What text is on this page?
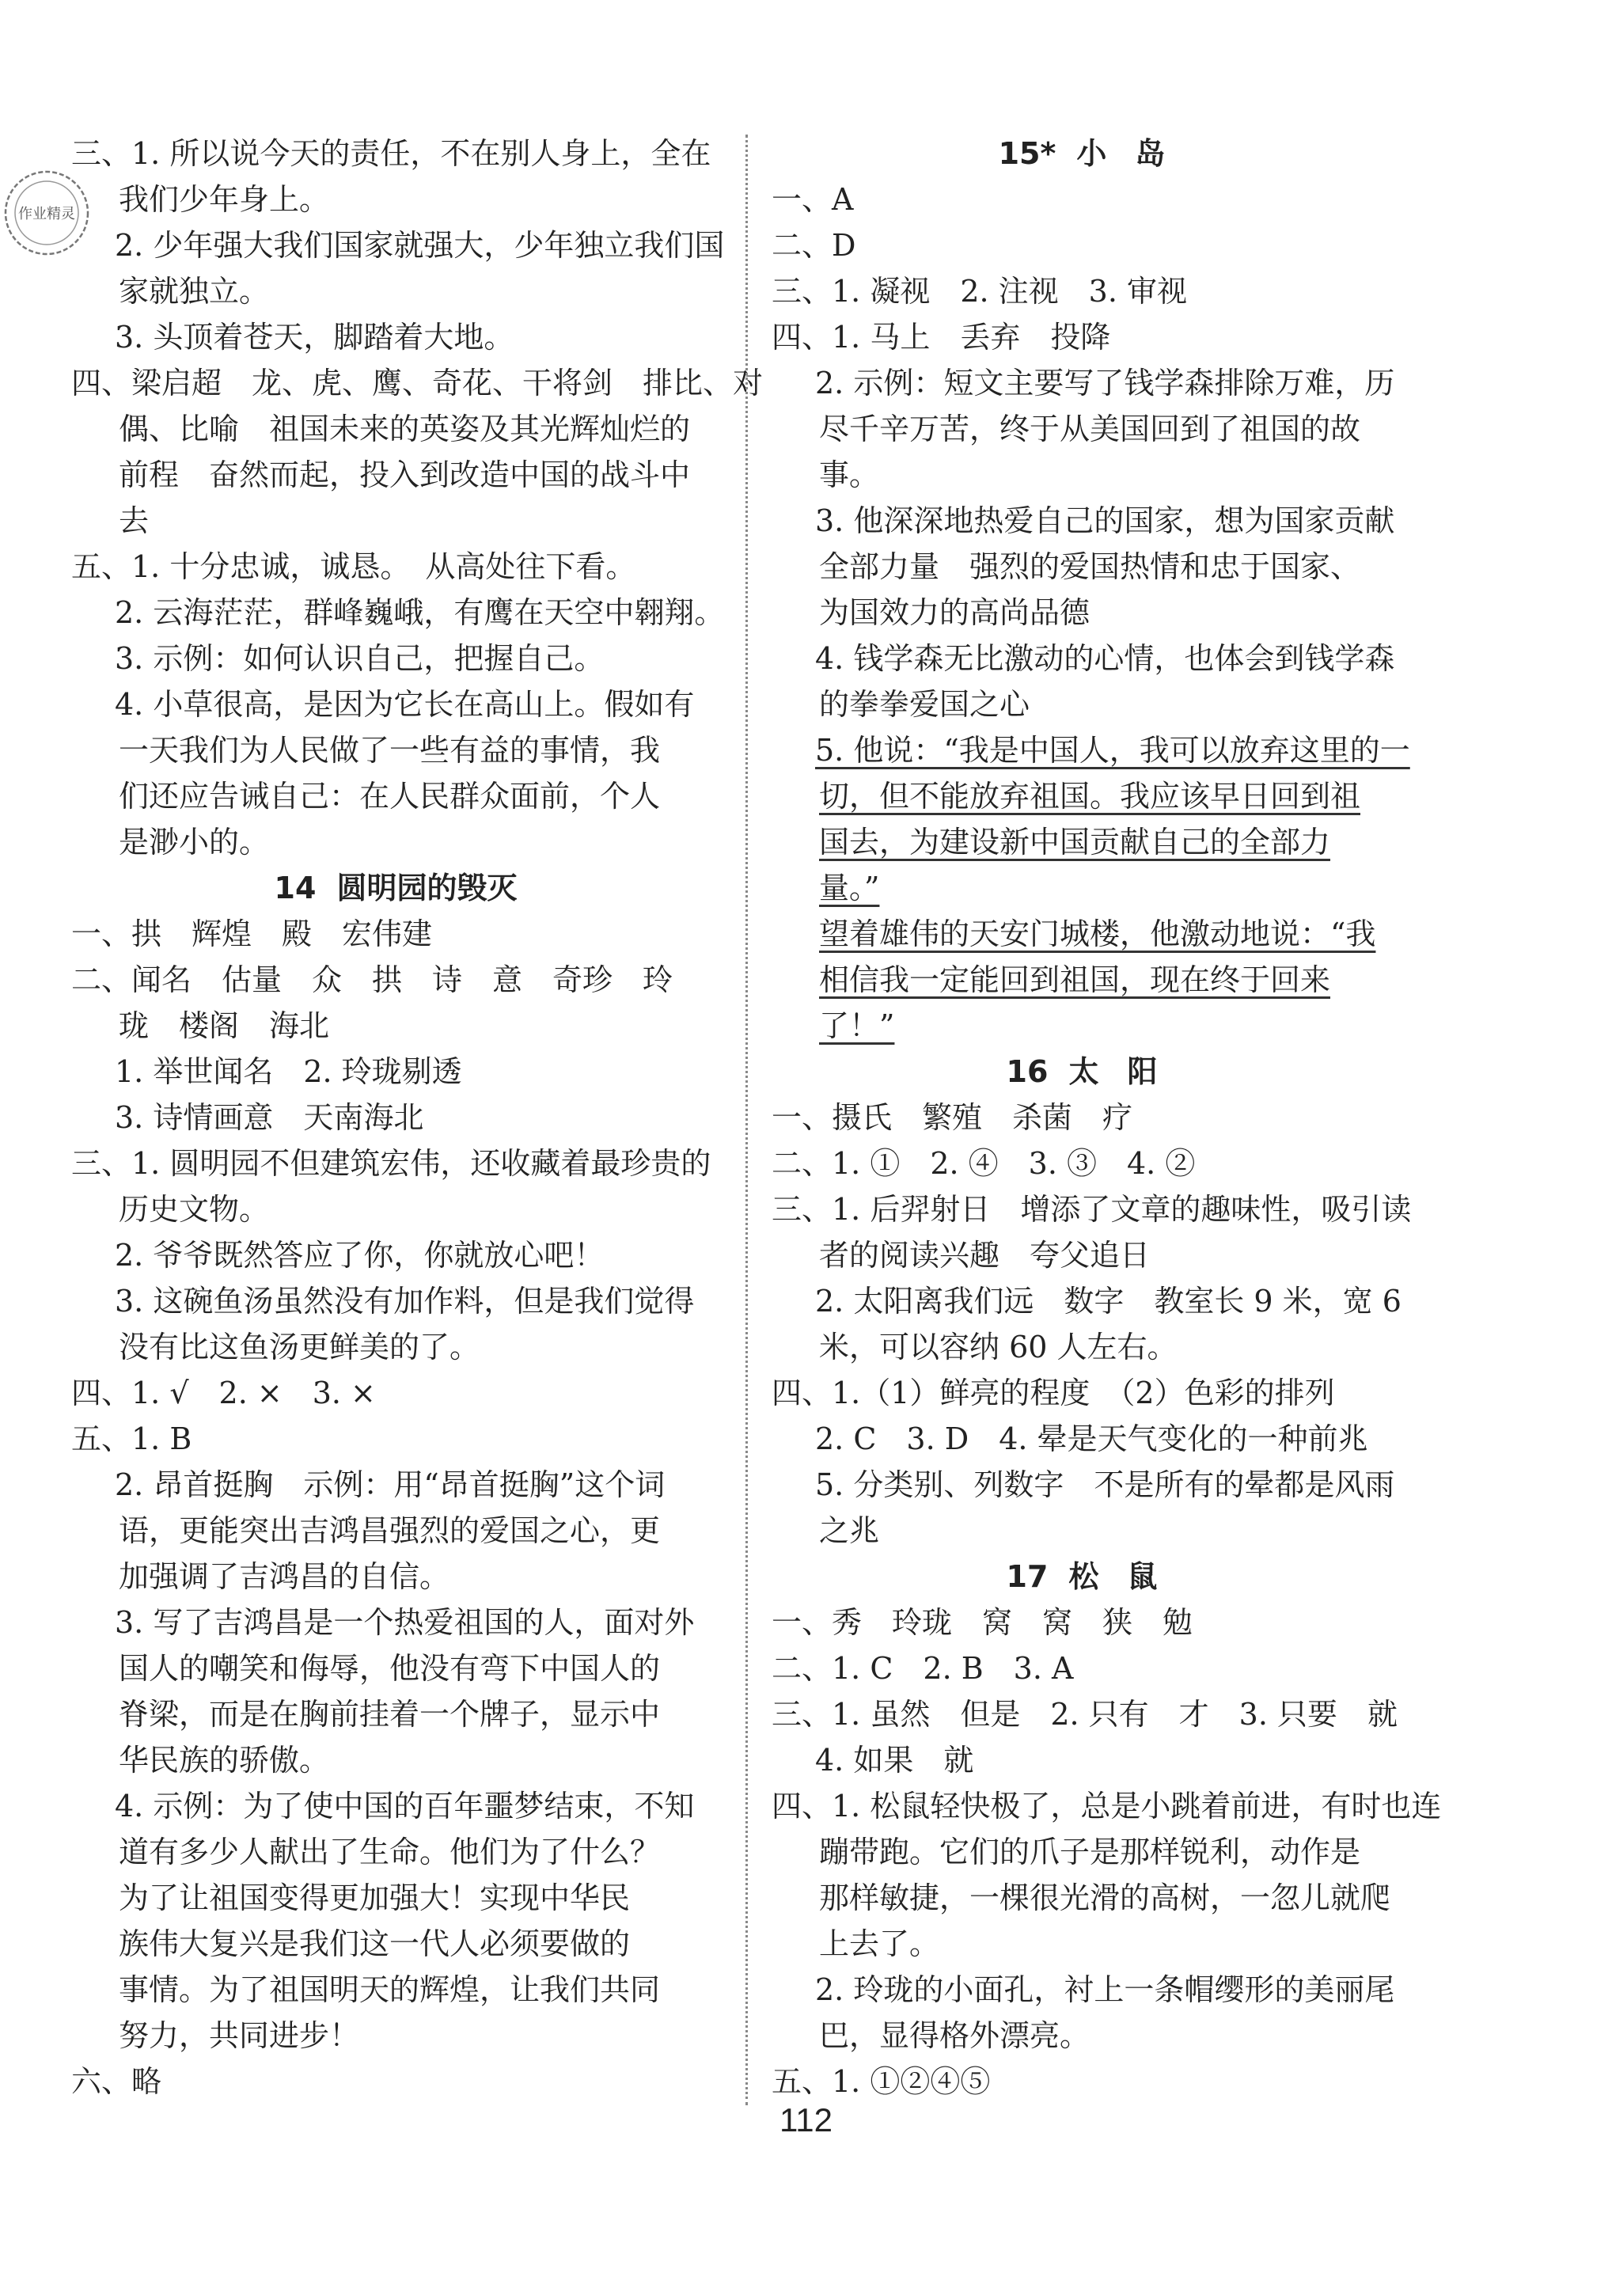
作业精灵
三、1. 所以说今天的责任，不在别人身上，全在
我们少年身上。
2. 少年强大我们国家就强大，少年独立我们国
家就独立。
3. 头顶着苍天，脚踏着大地。
四、梁启超　龙、虎、鹰、奇花、干将剑　排比、对
偶、比喻　祖国未来的英姿及其光辉灿烂的
前程　奋然而起，投入到改造中国的战斗中
去
五、1. 十分忠诚，诚恳。　从高处往下看。
2. 云海茫茫，群峰巍峨，有鹰在天空中翱翔。
3. 示例：如何认识自己，把握自己。
4. 小草很高，是因为它长在高山上。假如有
一天我们为人民做了一些有益的事情，我
们还应告诫自己：在人民群众面前，个人
是渺小的。
14 圆明园的毁灭
一、拱　辉煌　殿　宏伟建
二、闻名　估量　众　拱　诗　意　奇珍　玲
珑　楼阁　海北
1. 举世闻名　2. 玲珑剔透
3. 诗情画意　天南海北
三、1. 圆明园不但建筑宏伟，还收藏着最珍贵的
历史文物。
2. 爷爷既然答应了你，你就放心吧！
3. 这碗鱼汤虽然没有加作料，但是我们觉得
没有比这鱼汤更鲜美的了。
四、1. √　2. ×　3. ×
五、1. B
2. 昂首挺胸　示例：用“昂首挺胸”这个词
语，更能突出吉鸿昌强烈的爱国之心，更
加强调了吉鸿昌的自信。
3. 写了吉鸿昌是一个热爱祖国的人，面对外
国人的嘲笑和侮辱，他没有弯下中国人的
脊梁，而是在胸前挂着一个牌子，显示中
华民族的骄傲。
4. 示例：为了使中国的百年噩梦结束，不知
道有多少人献出了生命。他们为了什么？
为了让祖国变得更加强大！实现中华民
族伟大复兴是我们这一代人必须要做的
事情。为了祖国明天的辉煌，让我们共同
努力，共同进步！
六、略
15* 小岛
一、A
二、D
三、1. 凝视　2. 注视　3. 审视
四、1. 马上　丢弃　投降
2. 示例：短文主要写了钱学森排除万难，历
尽千辛万苦，终于从美国回到了祖国的故
事。
3. 他深深地热爱自己的国家，想为国家贡献
全部力量　强烈的爱国热情和忠于国家、
为国效力的高尚品德
4. 钱学森无比激动的心情，也体会到钱学森
的拳拳爱国之心
5. 他说：“我是中国人，我可以放弃这里的一
切，但不能放弃祖国。我应该早日回到祖
国去，为建设新中国贡献自己的全部力
量。”
望着雄伟的天安门城楼，他激动地说：“我
相信我一定能回到祖国，现在终于回来
了！”
16 太阳
一、摄氏　繁殖　杀菌　疗
二、1. ①　2. ④　3. ③　4. ②
三、1. 后羿射日　增添了文章的趣味性，吸引读
者的阅读兴趣　夸父追日
2. 太阳离我们远　数字　教室长 9 米，宽 6
米，可以容纳 60 人左右。
四、1.（1）鲜亮的程度　（2）色彩的排列
2. C　3. D　4. 晕是天气变化的一种前兆
5. 分类别、列数字　不是所有的晕都是风雨
之兆
17 松鼠
一、秀　玲珑　窝　窝　狭　勉
二、1. C　2. B　3. A
三、1. 虽然　但是　2. 只有　才　3. 只要　就
4. 如果　就
四、1. 松鼠轻快极了，总是小跳着前进，有时也连
蹦带跑。它们的爪子是那样锐利，动作是
那样敏捷，一棵很光滑的高树，一忽儿就爬
上去了。
2. 玲珑的小面孔，衬上一条帽缨形的美丽尾
巴，显得格外漂亮。
五、1. ①②④⑤
112
